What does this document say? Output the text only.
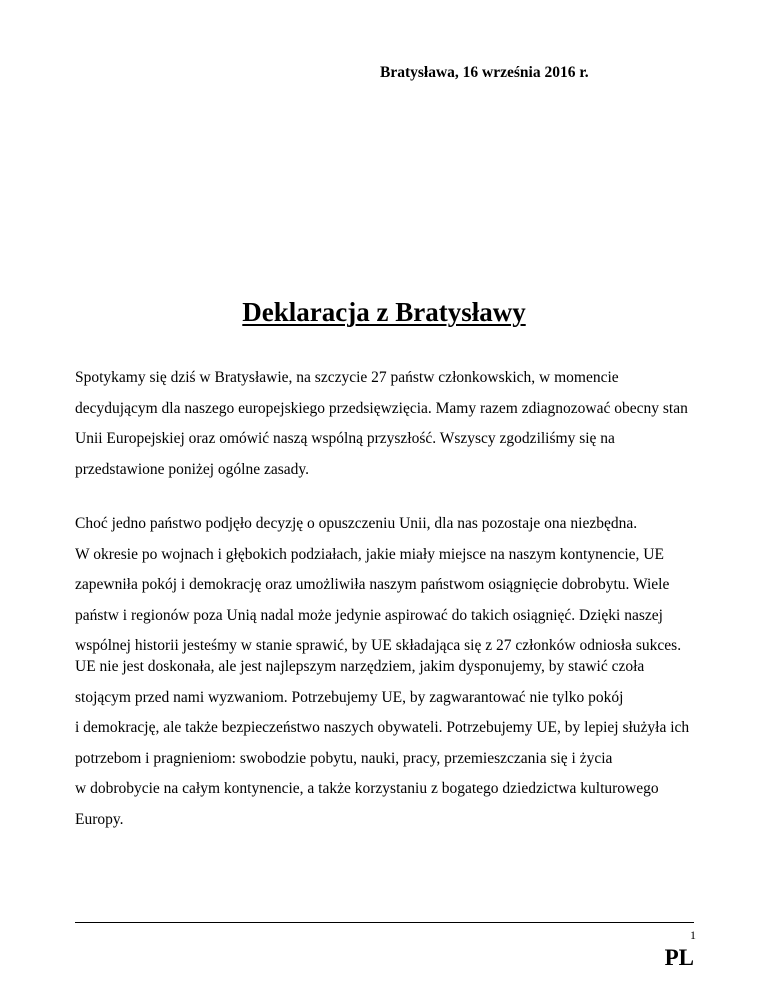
Bratysława, 16 września 2016 r.
Deklaracja z Bratysławy

Spotykamy się dziś w Bratysławie, na szczycie 27 państw członkowskich, w momencie
decydującym dla naszego europejskiego przedsięwzięcia. Mamy razem zdiagnozować obecny stan
Unii Europejskiej oraz omówić naszą wspólną przyszłość. Wszyscy zgodziliśmy się na
przedstawione poniżej ogólne zasady.

Choć jedno państwo podjęło decyzję o opuszczeniu Unii, dla nas pozostaje ona niezbędna.
W okresie po wojnach i głębokich podziałach, jakie miały miejsce na naszym kontynencie, UE
zapewniła pokój i demokrację oraz umożliwiła naszym państwom osiągnięcie dobrobytu. Wiele
państw i regionów poza Unią nadal może jedynie aspirować do takich osiągnięć. Dzięki naszej
wspólnej historii jesteśmy w stanie sprawić, by UE składająca się z 27 członków odniosła sukces.

UE nie jest doskonała, ale jest najlepszym narzędziem, jakim dysponujemy, by stawić czoła
stojącym przed nami wyzwaniom. Potrzebujemy UE, by zagwarantować nie tylko pokój
i demokrację, ale także bezpieczeństwo naszych obywateli. Potrzebujemy UE, by lepiej służyła ich
potrzebom i pragnieniom: swobodzie pobytu, nauki, pracy, przemieszczania się i życia
w dobrobycie na całym kontynencie, a także korzystaniu z bogatego dziedzictwa kulturowego
Europy.

1
PL
